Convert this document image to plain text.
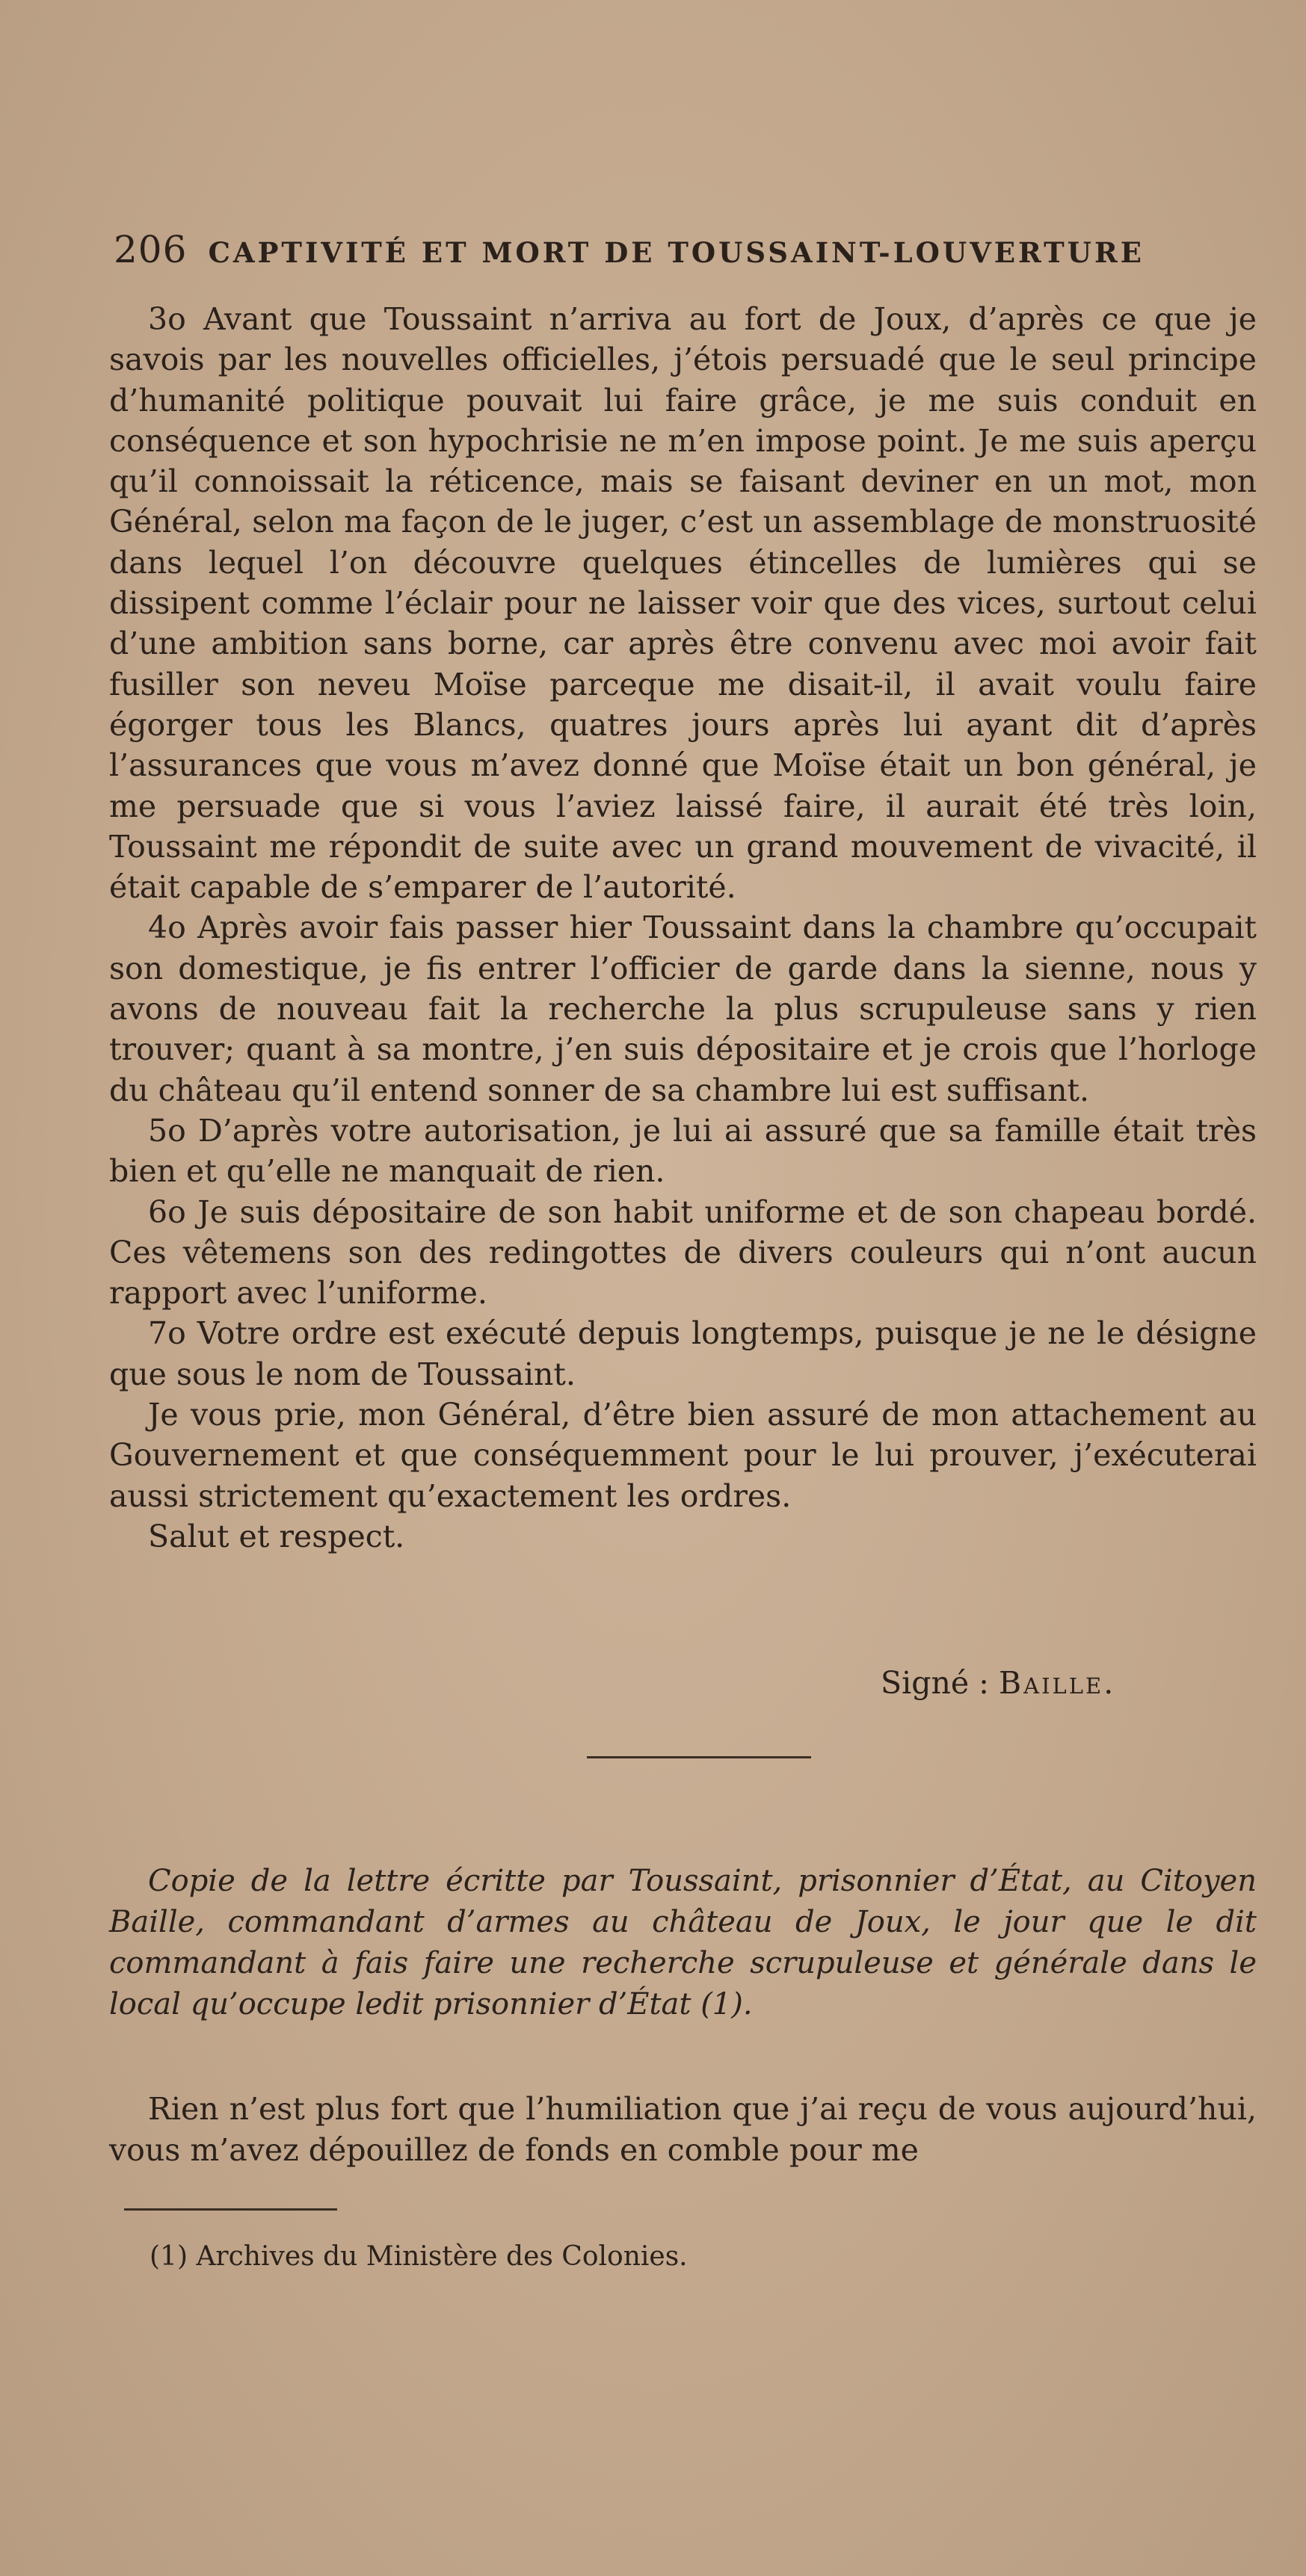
206 CAPTIVITÉ ET MORT DE TOUSSAINT-LOUVERTURE

3o Avant que Toussaint n’arriva au fort de Joux, d’après ce que je savois par les nouvelles officielles, j’étois persuadé que le seul principe d’humanité politique pouvait lui faire grâce, je me suis conduit en conséquence et son hypochrisie ne m’en impose point. Je me suis aperçu qu’il connoissait la réticence, mais se faisant deviner en un mot, mon Général, selon ma façon de le juger, c’est un assemblage de monstruosité dans lequel l’on découvre quelques étincelles de lumières qui se dissipent comme l’éclair pour ne laisser voir que des vices, surtout celui d’une ambition sans borne, car après être convenu avec moi avoir fait fusiller son neveu Moïse parceque me disait-il, il avait voulu faire égorger tous les Blancs, quatres jours après lui ayant dit d’après l’assurances que vous m’avez donné que Moïse était un bon général, je me persuade que si vous l’aviez laissé faire, il aurait été très loin, Toussaint me répondit de suite avec un grand mouvement de vivacité, il était capable de s’emparer de l’autorité.

4o Après avoir fais passer hier Toussaint dans la chambre qu’occupait son domestique, je fis entrer l’officier de garde dans la sienne, nous y avons de nouveau fait la recherche la plus scrupuleuse sans y rien trouver; quant à sa montre, j’en suis dépositaire et je crois que l’horloge du château qu’il entend sonner de sa chambre lui est suffisant.

5o D’après votre autorisation, je lui ai assuré que sa famille était très bien et qu’elle ne manquait de rien.

6o Je suis dépositaire de son habit uniforme et de son chapeau bordé. Ces vêtemens son des redingottes de divers couleurs qui n’ont aucun rapport avec l’uniforme.

7o Votre ordre est exécuté depuis longtemps, puisque je ne le désigne que sous le nom de Toussaint.

Je vous prie, mon Général, d’être bien assuré de mon attachement au Gouvernement et que conséquemment pour le lui prouver, j’exécuterai aussi strictement qu’exactement les ordres.

Salut et respect.

Signé : Baille.

Copie de la lettre écritte par Toussaint, prisonnier d’État, au Citoyen Baille, commandant d’armes au château de Joux, le jour que le dit commandant à fais faire une recherche scrupuleuse et générale dans le local qu’occupe ledit prisonnier d’État (1).

Rien n’est plus fort que l’humiliation que j’ai reçu de vous aujourd’hui, vous m’avez dépouillez de fonds en comble pour me

(1) Archives du Ministère des Colonies.
